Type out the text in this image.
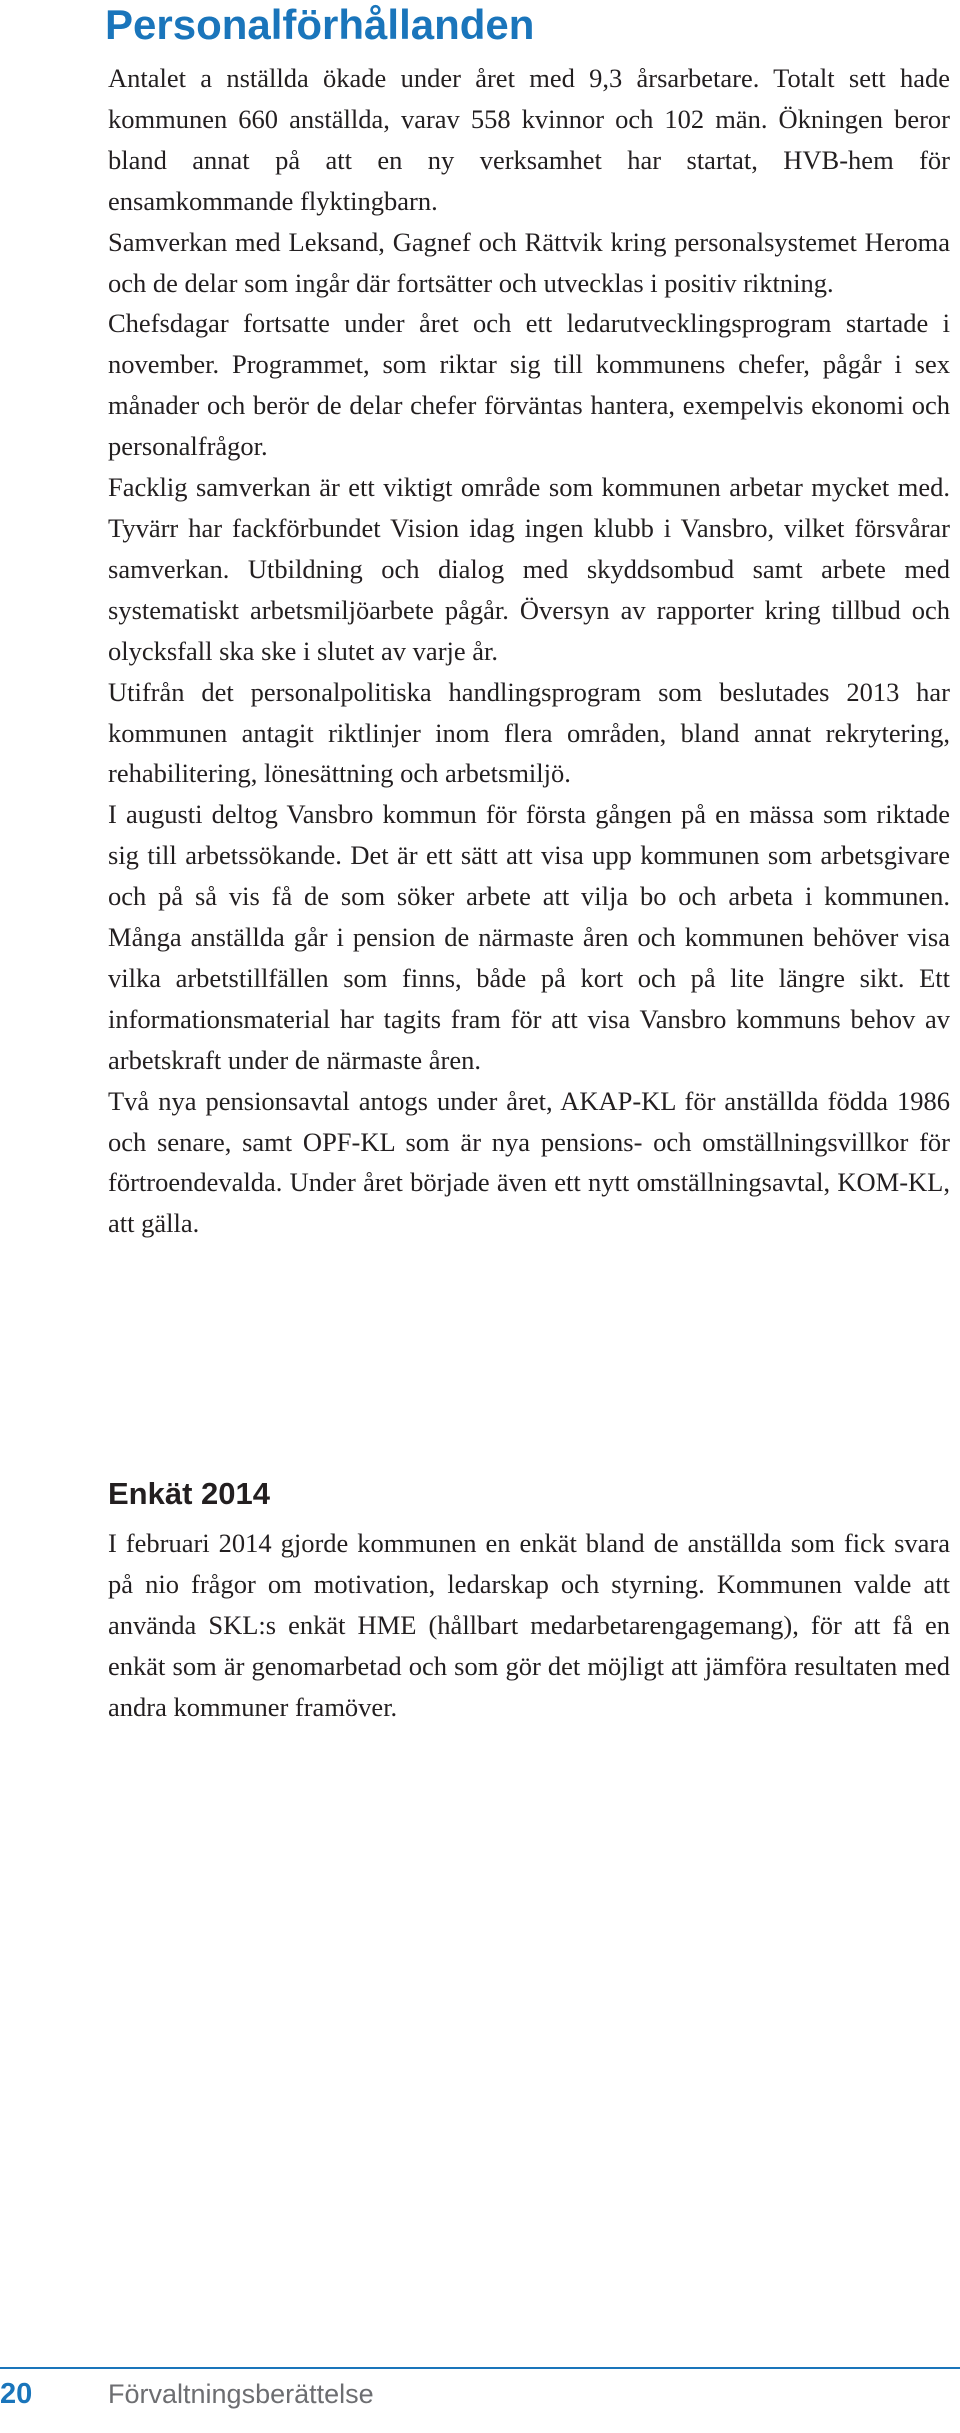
Personalförhållanden

Antalet a nställda ökade under året med 9,3 årsarbetare. Totalt sett hade kommunen 660 anställda, varav 558 kvinnor och 102 män. Ökningen beror bland annat på att en ny verksamhet har startat, HVB-hem för ensamkommande flyktingbarn.

Samverkan med Leksand, Gagnef och Rättvik kring personalsystemet Heroma och de delar som ingår där fortsätter och utvecklas i positiv riktning.

Chefsdagar fortsatte under året och ett ledarutvecklingsprogram startade i november. Programmet, som riktar sig till kommunens chefer, pågår i sex månader och berör de delar chefer förväntas hantera, exempelvis ekonomi och personalfrågor.

Facklig samverkan är ett viktigt område som kommunen arbetar mycket med. Tyvärr har fackförbundet Vision idag ingen klubb i Vansbro, vilket försvårar samverkan. Utbildning och dialog med skyddsombud samt arbete med systematiskt arbetsmiljöarbete pågår. Översyn av rapporter kring tillbud och olycksfall ska ske i slutet av varje år.

Utifrån det personalpolitiska handlingsprogram som beslutades 2013 har kommunen antagit riktlinjer inom flera områden, bland annat rekrytering, rehabilitering, lönesättning och arbetsmiljö.

I augusti deltog Vansbro kommun för första gången på en mässa som riktade sig till arbetssökande. Det är ett sätt att visa upp kommunen som arbetsgivare och på så vis få de som söker arbete att vilja bo och arbeta i kommunen. Många anställda går i pension de närmaste åren och kommunen behöver visa vilka arbetstillfällen som finns, både på kort och på lite längre sikt. Ett informationsmaterial har tagits fram för att visa Vansbro kommuns behov av arbetskraft under de närmaste åren.

Två nya pensionsavtal antogs under året, AKAP-KL för anställda födda 1986 och senare, samt OPF-KL som är nya pensions- och omställningsvillkor för förtroendevalda. Under året började även ett nytt omställningsavtal, KOM-KL, att gälla.

Enkät 2014

I februari 2014 gjorde kommunen en enkät bland de anställda som fick svara på nio frågor om motivation, ledarskap och styrning. Kommunen valde att använda SKL:s enkät HME (hållbart medarbetarengagemang), för att få en enkät som är genomarbetad och som gör det möjligt att jämföra resultaten med andra kommuner framöver.

20	Förvaltningsberättelse
